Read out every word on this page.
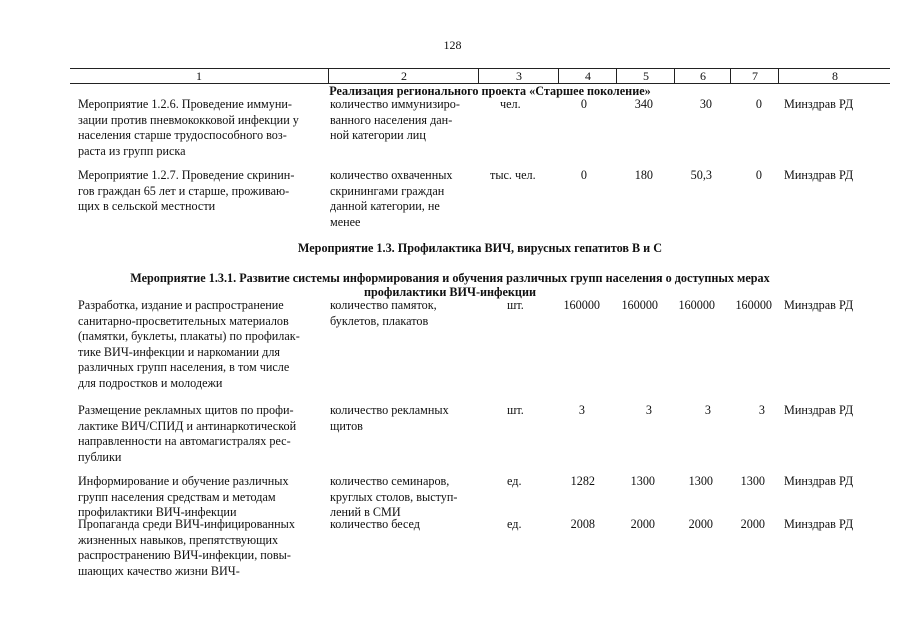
128
1	2	3	4	5	6	7	8
Реализация регионального проекта «Старшее поколение»
Мероприятие 1.2.6. Проведение иммуни-
зации против пневмококковой инфекции у
населения старше трудоспособного воз-
раста из групп риска
количество иммунизиро-
ванного населения дан-
ной категории лиц
чел.	0	340	30	0 Минздрав РД
Мероприятие 1.2.7. Проведение скринин-
гов граждан 65 лет и старше, проживаю-
щих в сельской местности
количество охваченных
скринингами граждан
данной категории, не
менее
тыс. чел.	0	180	50,3	0 Минздрав РД
Мероприятие 1.3. Профилактика ВИЧ, вирусных гепатитов В и С
Мероприятие 1.3.1. Развитие системы информирования и обучения различных групп населения о доступных мерах
профилактики ВИЧ-инфекции
Разработка, издание и распространение
санитарно-просветительных материалов
(памятки, буклеты, плакаты) по профилак-
тике ВИЧ-инфекции и наркомании для
различных групп населения, в том числе
для подростков и молодежи
количество памяток,
буклетов, плакатов
шт.	160000	160000	160000	160000 Минздрав РД
Размещение рекламных щитов по профи-
лактике ВИЧ/СПИД и антинаркотической
направленности на автомагистралях рес-
публики
количество рекламных
щитов
шт.	3	3	3	3 Минздрав РД
Информирование и обучение различных
групп населения средствам и методам
профилактики ВИЧ-инфекции
количество семинаров,
круглых столов, выступ-
лений в СМИ
ед.	1282	1300	1300	1300 Минздрав РД
Пропаганда среди ВИЧ-инфицированных
жизненных навыков, препятствующих
распространению ВИЧ-инфекции, повы-
шающих качество жизни ВИЧ-
количество бесед	ед.	2008	2000	2000	2000 Минздрав РД
